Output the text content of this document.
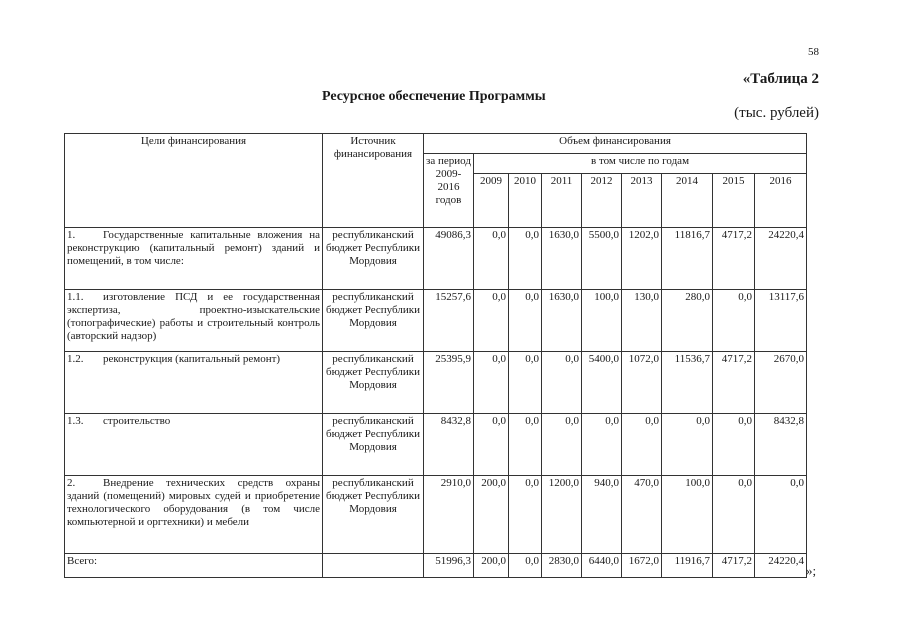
58
«Таблица 2
Ресурсное обеспечение Программы
(тыс. рублей)
Цели финансирования	Источник финансирования	Объем финансирования								
		за период 2009-2016 годов	в том числе по годам							
			2009	2010	2011	2012	2013	2014	2015	2016
1. Государственные капитальные вложения на реконструкцию (капитальный ремонт) зданий и помещений, в том числе:	республиканский бюджет Республики Мордовия	49086,3	0,0	0,0	1630,0	5500,0	1202,0	11816,7	4717,2	24220,4
1.1. изготовление ПСД и ее государственная экспертиза, проектно-изыскательские (топографические) работы и строительный контроль (авторский надзор)	республиканский бюджет Республики Мордовия	15257,6	0,0	0,0	1630,0	100,0	130,0	280,0	0,0	13117,6
1.2. реконструкция (капитальный ремонт)	республиканский бюджет Республики Мордовия	25395,9	0,0	0,0	0,0	5400,0	1072,0	11536,7	4717,2	2670,0
1.3. строительство	республиканский бюджет Республики Мордовия	8432,8	0,0	0,0	0,0	0,0	0,0	0,0	0,0	8432,8
2. Внедрение технических средств охраны зданий (помещений) мировых судей и приобретение технологического оборудования (в том числе компьютерной и оргтехники) и мебели	республиканский бюджет Республики Мордовия	2910,0	200,0	0,0	1200,0	940,0	470,0	100,0	0,0	0,0
Всего:		51996,3	200,0	0,0	2830,0	6440,0	1672,0	11916,7	4717,2	24220,4
»;
